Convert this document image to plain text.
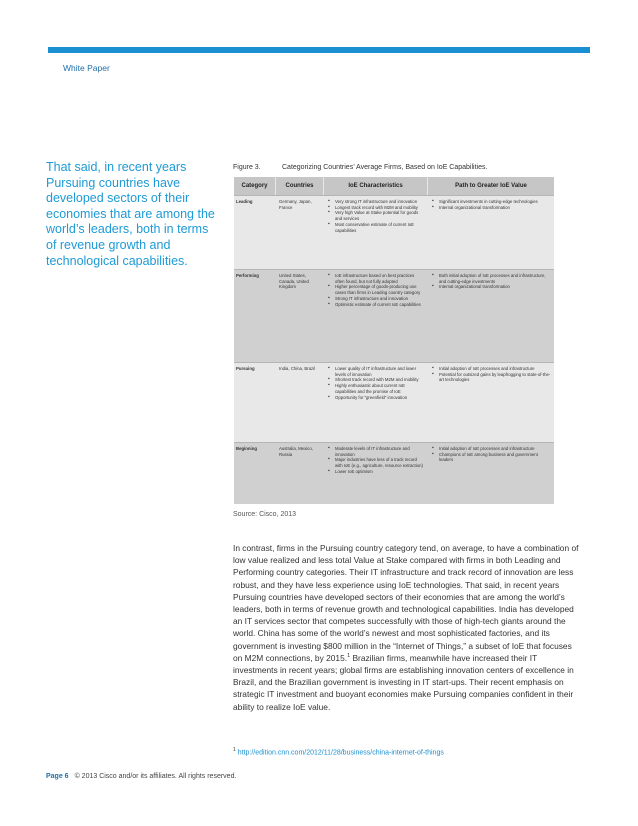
White Paper
That said, in recent years Pursuing countries have developed sectors of their economies that are among the world’s leaders, both in terms of revenue growth and technological capabilities.
Figure 3.	Categorizing Countries’ Average Firms, Based on IoE Capabilities.
Category	Countries	IoE Characteristics	Path to Greater IoE Value
Leading	Germany, Japan, France
▪ Very strong IT infrastructure and innovation
▪ Longest track record with M2M and mobility
▪ Very high Value at Stake potential for goods and services
▪ Most conservative estimate of current IoE capabilities
▪ Significant investments in cutting-edge technologies
▪ Internal organizational transformation
Performing	United States, Canada, United Kingdom
▪ IoE infrastructure based on best practices often found, but not fully adopted
▪ Higher percentage of goods-producing use cases than firms in Leading country category
▪ Strong IT infrastructure and innovation
▪ Optimistic estimate of current IoE capabilities
▪ Both initial adoption of IoE processes and infrastructure, and cutting-edge investments
▪ Internal organizational transformation
Pursuing	India, China, Brazil
▪	Lower quality of IT infrastructure and lower levels of innovation
▪ Shortest track record with M2M and mobility
▪ Highly enthusiastic about current IoE capabilities and the promise of IoE
▪ Opportunity for “greenfield” innovation
▪ Initial adoption of IoE processes and infrastructure
▪ Potential for outsized gains by leapfrogging to state-of-the-art technologies
Beginning	Australia, Mexico, Russia
▪ Moderate levels of IT infrastructure and innovation
▪ Major industries have less of a track record with IoE (e.g., agriculture, resource extraction)
▪ Lower IoE optimism
▪ Initial adoption of IoE processes and infrastructure
▪ Champions of IoE among business and government leaders
Source: Cisco, 2013
In contrast, firms in the Pursuing country category tend, on average, to have a combination of low value realized and less total Value at Stake compared with firms in both Leading and Performing country categories. Their IT infrastructure and track record of innovation are less robust, and they have less experience using IoE technologies. That said, in recent years Pursuing countries have developed sectors of their economies that are among the world’s leaders, both in terms of revenue growth and technological capabilities. India has developed an IT services sector that competes successfully with those of high-tech giants around the world. China has some of the world’s newest and most sophisticated factories, and its government is investing $800 million in the “Internet of Things,” a subset of IoE that focuses on M2M connections, by 2015.$^1$ Brazilian firms, meanwhile have increased their IT investments in recent years; global firms are establishing innovation centers of excellence in Brazil, and the Brazilian government is investing in IT start-ups. Their recent emphasis on strategic IT investment and buoyant economies make Pursuing companies confident in their ability to realize IoE value.
$^1$ http://edition.cnn.com/2012/11/28/business/china-internet-of-things
Page 6 © 2013 Cisco and/or its affiliates. All rights reserved.
